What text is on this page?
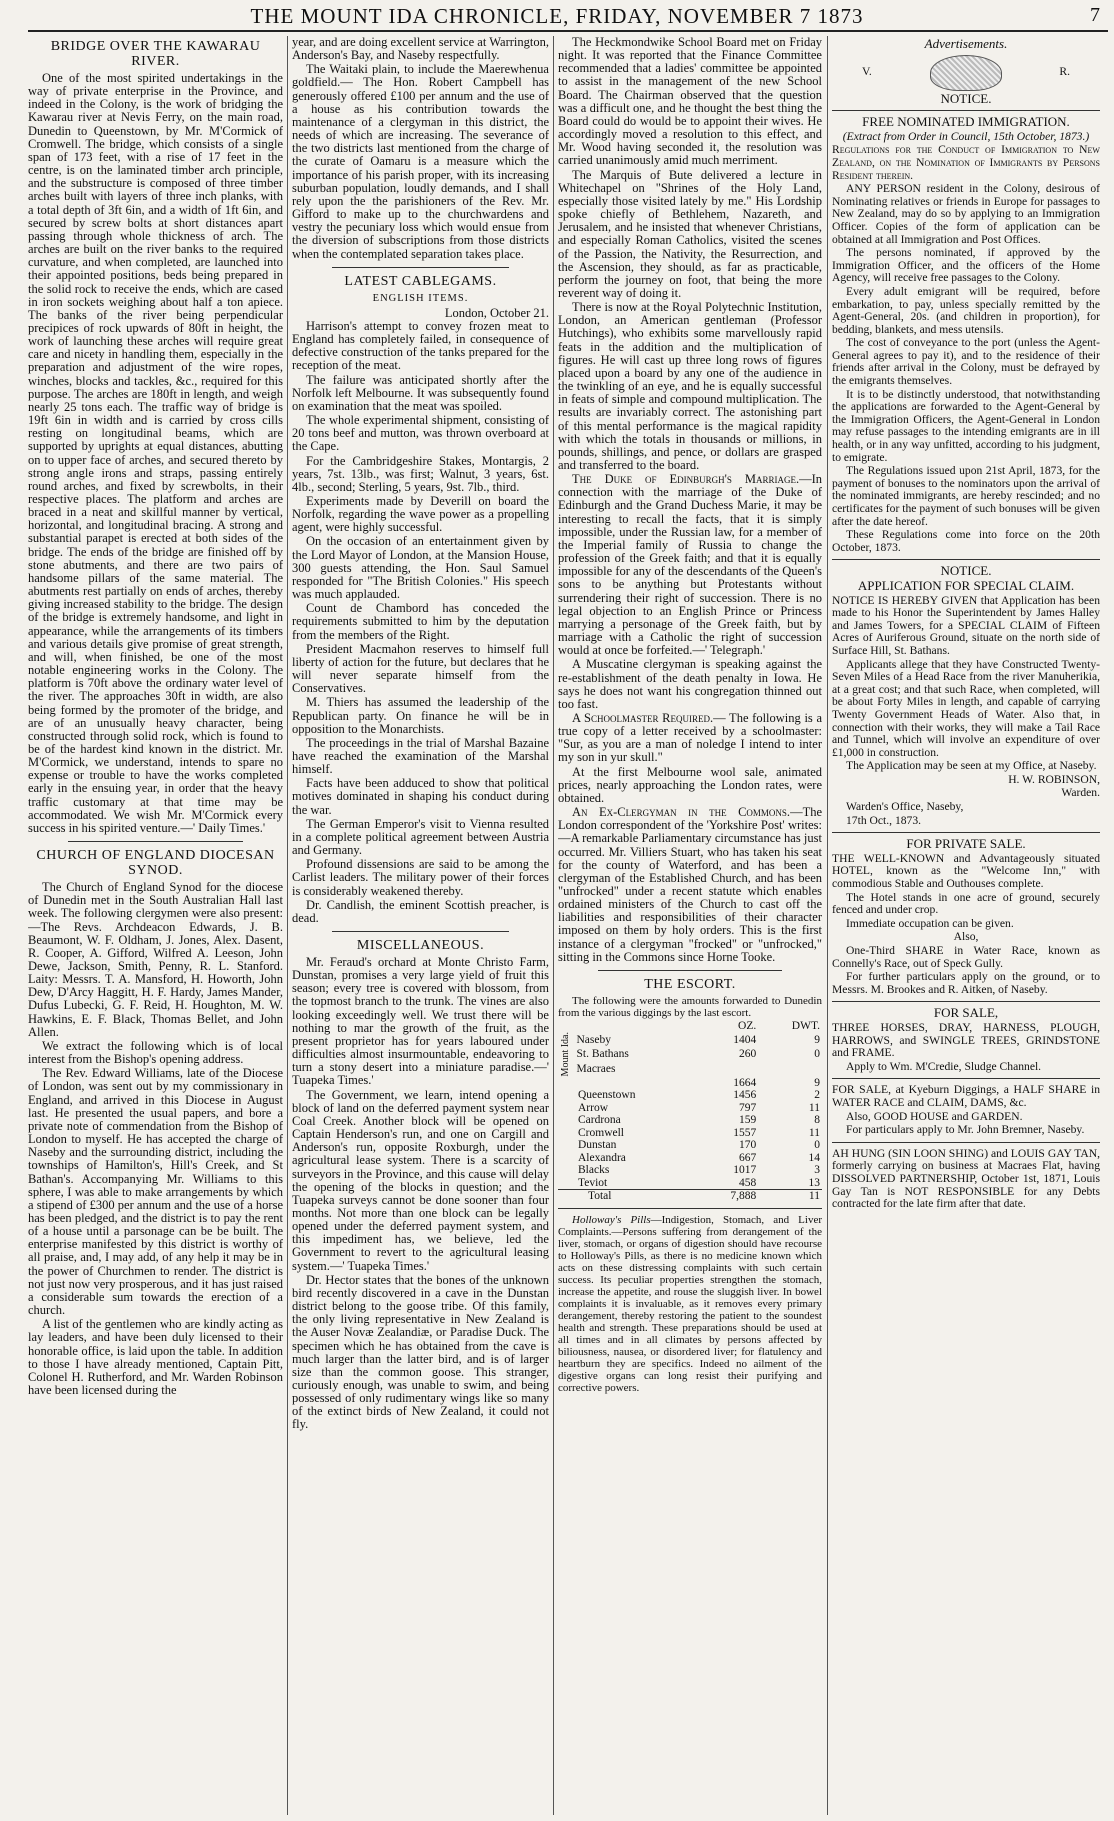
THE MOUNT IDA CHRONICLE, FRIDAY, NOVEMBER 7 1873	7
BRIDGE OVER THE KAWARAU RIVER.

One of the most spirited undertakings in the way of private enterprise in the Province, and indeed in the Colony, is the work of bridging the Kawarau river at Nevis Ferry, on the main road, Dunedin to Queenstown, by Mr. M'Cormick of Cromwell. The bridge, which consists of a single span of 173 feet, with a rise of 17 feet in the centre, is on the laminated timber arch principle, and the substructure is composed of three timber arches built with layers of three inch planks, with a total depth of 3ft 6in, and a width of 1ft 6in, and secured by screw bolts at short distances apart passing through whole thickness of arch. The arches are built on the river banks to the required curvature, and when completed, are launched into their appointed positions, beds being prepared in the solid rock to receive the ends, which are cased in iron sockets weighing about half a ton apiece. The banks of the river being perpendicular precipices of rock upwards of 80ft in height, the work of launching these arches will require great care and nicety in handling them, especially in the preparation and adjustment of the wire ropes, winches, blocks and tackles, &c., required for this purpose. The arches are 180ft in length, and weigh nearly 25 tons each. The traffic way of bridge is 19ft 6in in width and is carried by cross cills resting on longitudinal beams, which are supported by uprights at equal distances, abutting on to upper face of arches, and secured thereto by strong angle irons and straps, passing entirely round arches, and fixed by screwbolts, in their respective places. The platform and arches are braced in a neat and skillful manner by vertical, horizontal, and longitudinal bracing. A strong and substantial parapet is erected at both sides of the bridge. The ends of the bridge are finished off by stone abutments, and there are two pairs of handsome pillars of the same material. The abutments rest partially on ends of arches, thereby giving increased stability to the bridge. The design of the bridge is extremely handsome, and light in appearance, while the arrangements of its timbers and various details give promise of great strength, and will, when finished, be one of the most notable engineering works in the Colony. The platform is 70ft above the ordinary water level of the river. The approaches 30ft in width, are also being formed by the promoter of the bridge, and are of an unusually heavy character, being constructed through solid rock, which is found to be of the hardest kind known in the district. Mr. M'Cormick, we understand, intends to spare no expense or trouble to have the works completed early in the ensuing year, in order that the heavy traffic customary at that time may be accommodated. We wish Mr. M'Cormick every success in his spirited venture.—' Daily Times.'

CHURCH OF ENGLAND DIOCESAN SYNOD.

The Church of England Synod for the diocese of Dunedin met in the South Australian Hall last week. The following clergymen were also present:—The Revs. Archdeacon Edwards, J. B. Beaumont, W. F. Oldham, J. Jones, Alex. Dasent, R. Cooper, A. Gifford, Wilfred A. Leeson, John Dewe, Jackson, Smith, Penny, R. L. Stanford. Laity: Messrs. T. A. Mansford, H. Howorth, John Dew, D'Arcy Haggitt, H. F. Hardy, James Mander, Dufus Lubecki, G. F. Reid, H. Houghton, M. W. Hawkins, E. F. Black, Thomas Bellet, and John Allen.

We extract the following which is of local interest from the Bishop's opening address.

The Rev. Edward Williams, late of the Diocese of London, was sent out by my commissionary in England, and arrived in this Diocese in August last. He presented the usual papers, and bore a private note of commendation from the Bishop of London to myself. He has accepted the charge of Naseby and the surrounding district, including the townships of Hamilton's, Hill's Creek, and St Bathan's. Accompanying Mr. Williams to this sphere, I was able to make arrangements by which a stipend of £300 per annum and the use of a horse has been pledged, and the district is to pay the rent of a house until a parsonage can be be built. The enterprise manifested by this district is worthy of all praise, and, I may add, of any help it may be in the power of Churchmen to render. The district is not just now very prosperous, and it has just raised a considerable sum towards the erection of a church.

A list of the gentlemen who are kindly acting as lay leaders, and have been duly licensed to their honorable office, is laid upon the table. In addition to those I have already mentioned, Captain Pitt, Colonel H. Rutherford, and Mr. Warden Robinson have been licensed during the

year, and are doing excellent service at Warrington, Anderson's Bay, and Naseby respectfully.

The Waitaki plain, to include the Maerewhenua goldfield.— The Hon. Robert Campbell has generously offered £100 per annum and the use of a house as his contribution towards the maintenance of a clergyman in this district, the needs of which are increasing. The severance of the two districts last mentioned from the charge of the curate of Oamaru is a measure which the importance of his parish proper, with its increasing suburban population, loudly demands, and I shall rely upon the the parishioners of the Rev. Mr. Gifford to make up to the churchwardens and vestry the pecuniary loss which would ensue from the diversion of subscriptions from those districts when the contemplated separation takes place.

LATEST CABLEGAMS.
ENGLISH ITEMS.
London, October 21.

Harrison's attempt to convey frozen meat to England has completely failed, in consequence of defective construction of the tanks prepared for the reception of the meat.

The failure was anticipated shortly after the Norfolk left Melbourne. It was subsequently found on examination that the meat was spoiled.

The whole experimental shipment, consisting of 20 tons beef and mutton, was thrown overboard at the Cape.

For the Cambridgeshire Stakes, Montargis, 2 years, 7st. 13lb., was first; Walnut, 3 years, 6st. 4lb., second; Sterling, 5 years, 9st. 7lb., third.

Experiments made by Deverill on board the Norfolk, regarding the wave power as a propelling agent, were highly successful.

On the occasion of an entertainment given by the Lord Mayor of London, at the Mansion House, 300 guests attending, the Hon. Saul Samuel responded for "The British Colonies." His speech was much applauded.

Count de Chambord has conceded the requirements submitted to him by the deputation from the members of the Right.

President Macmahon reserves to himself full liberty of action for the future, but declares that he will never separate himself from the Conservatives.

M. Thiers has assumed the leadership of the Republican party. On finance he will be in opposition to the Monarchists.

The proceedings in the trial of Marshal Bazaine have reached the examination of the Marshal himself.

Facts have been adduced to show that political motives dominated in shaping his conduct during the war.

The German Emperor's visit to Vienna resulted in a complete political agreement between Austria and Germany.

Profound dissensions are said to be among the Carlist leaders. The military power of their forces is considerably weakened thereby.

Dr. Candlish, the eminent Scottish preacher, is dead.

MISCELLANEOUS.

Mr. Feraud's orchard at Monte Christo Farm, Dunstan, promises a very large yield of fruit this season; every tree is covered with blossom, from the topmost branch to the trunk. The vines are also looking exceedingly well. We trust there will be nothing to mar the growth of the fruit, as the present proprietor has for years laboured under difficulties almost insurmountable, endeavoring to turn a stony desert into a miniature paradise.—' Tuapeka Times.'

The Government, we learn, intend opening a block of land on the deferred payment system near Coal Creek. Another block will be opened on Captain Henderson's run, and one on Cargill and Anderson's run, opposite Roxburgh, under the agricultural lease system. There is a scarcity of surveyors in the Province, and this cause will delay the opening of the blocks in question; and the Tuapeka surveys cannot be done sooner than four months. Not more than one block can be legally opened under the deferred payment system, and this impediment has, we believe, led the Government to revert to the agricultural leasing system.—' Tuapeka Times.'

Dr. Hector states that the bones of the unknown bird recently discovered in a cave in the Dunstan district belong to the goose tribe. Of this family, the only living representative in New Zealand is the Auser Novæ Zealandiæ, or Paradise Duck. The specimen which he has obtained from the cave is much larger than the latter bird, and is of larger size than the common goose. This stranger, curiously enough, was unable to swim, and being possessed of only rudimentary wings like so many of the extinct birds of New Zealand, it could not fly.

The Heckmondwike School Board met on Friday night. It was reported that the Finance Committee recommended that a ladies' committee be appointed to assist in the management of the new School Board. The Chairman observed that the question was a difficult one, and he thought the best thing the Board could do would be to appoint their wives. He accordingly moved a resolution to this effect, and Mr. Wood having seconded it, the resolution was carried unanimously amid much merriment.

The Marquis of Bute delivered a lecture in Whitechapel on "Shrines of the Holy Land, especially those visited lately by me." His Lordship spoke chiefly of Bethlehem, Nazareth, and Jerusalem, and he insisted that whenever Christians, and especially Roman Catholics, visited the scenes of the Passion, the Nativity, the Resurrection, and the Ascension, they should, as far as practicable, perform the journey on foot, that being the more reverent way of doing it.

There is now at the Royal Polytechnic Institution, London, an American gentleman (Professor Hutchings), who exhibits some marvellously rapid feats in the addition and the multiplication of figures. He will cast up three long rows of figures placed upon a board by any one of the audience in the twinkling of an eye, and he is equally successful in feats of simple and compound multiplication. The results are invariably correct. The astonishing part of this mental performance is the magical rapidity with which the totals in thousands or millions, in pounds, shillings, and pence, or dollars are grasped and transferred to the board.

The Duke of Edinburgh's Marriage.—In connection with the marriage of the Duke of Edinburgh and the Grand Duchess Marie, it may be interesting to recall the facts, that it is simply impossible, under the Russian law, for a member of the Imperial family of Russia to change the profession of the Greek faith; and that it is equally impossible for any of the descendants of the Queen's sons to be anything but Protestants without surrendering their right of succession. There is no legal objection to an English Prince or Princess marrying a personage of the Greek faith, but by marriage with a Catholic the right of succession would at once be forfeited.—' Telegraph.'

A Muscatine clergyman is speaking against the re-establishment of the death penalty in Iowa. He says he does not want his congregation thinned out too fast.

A Schoolmaster Required.— The following is a true copy of a letter received by a schoolmaster: "Sur, as you are a man of noledge I intend to inter my son in yur skull."

At the first Melbourne wool sale, animated prices, nearly approaching the London rates, were obtained.

An Ex-Clergyman in the Commons.—The London correspondent of the 'Yorkshire Post' writes:—A remarkable Parliamentary circumstance has just occurred. Mr. Villiers Stuart, who has taken his seat for the county of Waterford, and has been a clergyman of the Established Church, and has been "unfrocked" under a recent statute which enables ordained ministers of the Church to cast off the liabilities and responsibilities of their character imposed on them by holy orders. This is the first instance of a clergyman "frocked" or "unfrocked," sitting in the Commons since Horne Tooke.

THE ESCORT.

The following were the amounts forwarded to Dunedin from the various diggings by the last escort.

		OZ.	DWT.
Mount Ida.	Naseby	1404	9
	St. Bathans	260	0
	Macraes		
		1664	9
Queenstown		1456	2
Arrow		797	11
Cardrona		159	8
Cromwell		1557	11
Dunstan		170	0
Alexandra		667	14
Blacks		1017	3
Teviot		458	13
Total		7,888	11

Holloway's Pills—Indigestion, Stomach, and Liver Complaints.—Persons suffering from derangement of the liver, stomach, or organs of digestion should have recourse to Holloway's Pills, as there is no medicine known which acts on these distressing complaints with such certain success. Its peculiar properties strengthen the stomach, increase the appetite, and rouse the sluggish liver. In bowel complaints it is invaluable, as it removes every primary derangement, thereby restoring the patient to the soundest health and strength. These preparations should be used at all times and in all climates by persons affected by biliousness, nausea, or disordered liver; for flatulency and heartburn they are specifics. Indeed no ailment of the digestive organs can long resist their purifying and corrective powers.

Advertisements.
V.	R.
NOTICE.
FREE NOMINATED IMMIGRATION.

(Extract from Order in Council, 15th October, 1873.)

Regulations for the Conduct of Immigration to New Zealand, on the Nomination of Immigrants by Persons Resident therein.

ANY PERSON resident in the Colony, desirous of Nominating relatives or friends in Europe for passages to New Zealand, may do so by applying to an Immigration Officer. Copies of the form of application can be obtained at all Immigration and Post Offices.

The persons nominated, if approved by the Immigration Officer, and the officers of the Home Agency, will receive free passages to the Colony.

Every adult emigrant will be required, before embarkation, to pay, unless specially remitted by the Agent-General, 20s. (and children in proportion), for bedding, blankets, and mess utensils.

The cost of conveyance to the port (unless the Agent-General agrees to pay it), and to the residence of their friends after arrival in the Colony, must be defrayed by the emigrants themselves.

It is to be distinctly understood, that notwithstanding the applications are forwarded to the Agent-General by the Immigration Officers, the Agent-General in London may refuse passages to the intending emigrants are in ill health, or in any way unfitted, according to his judgment, to emigrate.

The Regulations issued upon 21st April, 1873, for the payment of bonuses to the nominators upon the arrival of the nominated immigrants, are hereby rescinded; and no certificates for the payment of such bonuses will be given after the date hereof.

These Regulations come into force on the 20th October, 1873.

NOTICE.
APPLICATION FOR SPECIAL CLAIM.

NOTICE IS HEREBY GIVEN that Application has been made to his Honor the Superintendent by James Halley and James Towers, for a SPECIAL CLAIM of Fifteen Acres of Auriferous Ground, situate on the north side of Surface Hill, St. Bathans.

Applicants allege that they have Constructed Twenty-Seven Miles of a Head Race from the river Manuherikia, at a great cost; and that such Race, when completed, will be about Forty Miles in length, and capable of carrying Twenty Government Heads of Water. Also that, in connection with their works, they will make a Tail Race and Tunnel, which will involve an expenditure of over £1,000 in construction.

The Application may be seen at my Office, at Naseby.

H. W. ROBINSON,

Warden.

Warden's Office, Naseby,

17th Oct., 1873.

FOR PRIVATE SALE.

THE WELL-KNOWN and Advantageously situated HOTEL, known as the "Welcome Inn," with commodious Stable and Outhouses complete.

The Hotel stands in one acre of ground, securely fenced and under crop.

Immediate occupation can be given.

Also,

One-Third SHARE in Water Race, known as Connelly's Race, out of Speck Gully.

For further particulars apply on the ground, or to Messrs. M. Brookes and R. Aitken, of Naseby.

FOR SALE,

THREE HORSES, DRAY, HARNESS, PLOUGH, HARROWS, and SWINGLE TREES, GRINDSTONE and FRAME.

Apply to Wm. M'Credie, Sludge Channel.

FOR SALE, at Kyeburn Diggings, a HALF SHARE in WATER RACE and CLAIM, DAMS, &c.

Also, GOOD HOUSE and GARDEN.

For particulars apply to Mr. John Bremner, Naseby.

AH HUNG (SIN LOON SHING) and LOUIS GAY TAN, formerly carrying on business at Macraes Flat, having DISSOLVED PARTNERSHIP, October 1st, 1871, Louis Gay Tan is NOT RESPONSIBLE for any Debts contracted for the late firm after that date.
